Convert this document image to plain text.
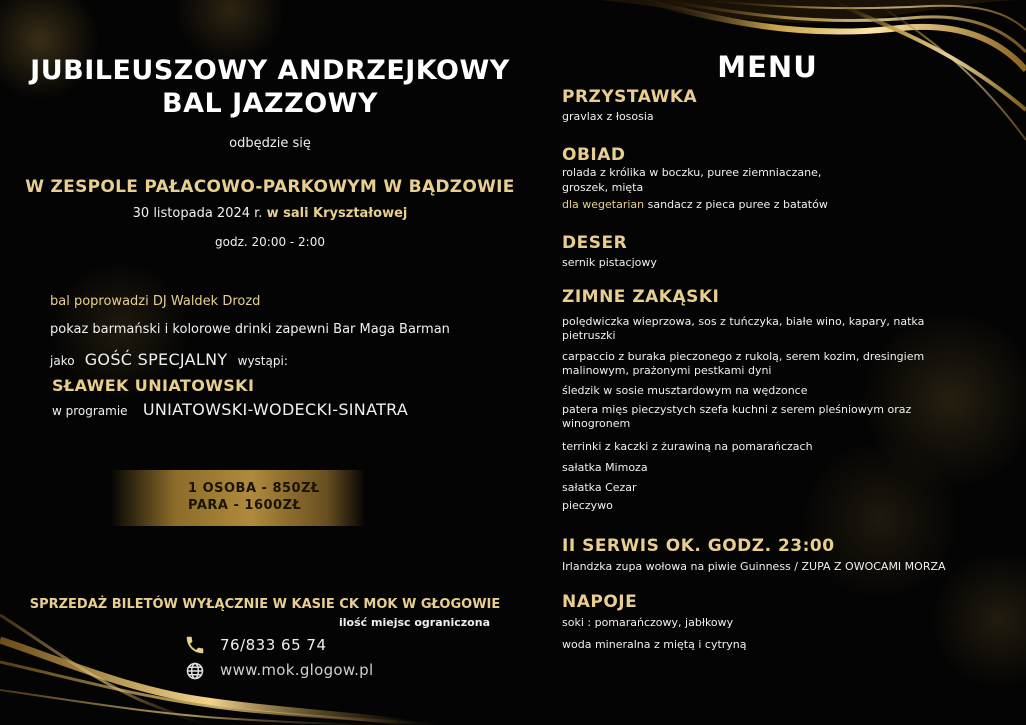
JUBILEUSZOWY ANDRZEJKOWY
BAL JAZZOWY
odbędzie się
W ZESPOLE PAŁACOWO-PARKOWYM W BĄDZOWIE
30 listopada 2024 r. w sali Kryształowej
godz. 20:00 - 2:00
bal poprowadzi DJ Waldek Drozd
pokaz barmański i kolorowe drinki zapewni Bar Maga Barman
jako GOŚĆ SPECJALNY wystąpi:
SŁAWEK UNIATOWSKI
w programie UNIATOWSKI-WODECKI-SINATRA
1 OSOBA - 850ZŁ
PARA - 1600ZŁ
SPRZEDAŻ BILETÓW WYŁĄCZNIE W KASIE CK MOK W GŁOGOWIE
ilość miejsc ograniczona
76/833 65 74
www.mok.glogow.pl
MENU
PRZYSTAWKA
gravlax z łososia
OBIAD
rolada z królika w boczku, puree ziemniaczane,
groszek, mięta
dla wegetarian sandacz z pieca puree z batatów
DESER
sernik pistacjowy
ZIMNE ZAKĄSKI
polędwiczka wieprzowa, sos z tuńczyka, białe wino, kapary, natka
pietruszki
carpaccio z buraka pieczonego z rukolą, serem kozim, dresingiem
malinowym, prażonymi pestkami dyni
śledzik w sosie musztardowym na wędzonce
patera mięs pieczystych szefa kuchni z serem pleśniowym oraz
winogronem
terrinki z kaczki z żurawiną na pomarańczach
sałatka Mimoza
sałatka Cezar
pieczywo
II SERWIS OK. GODZ. 23:00
Irlandzka zupa wołowa na piwie Guinness / ZUPA Z OWOCAMI MORZA
NAPOJE
soki : pomarańczowy, jabłkowy
woda mineralna z miętą i cytryną
